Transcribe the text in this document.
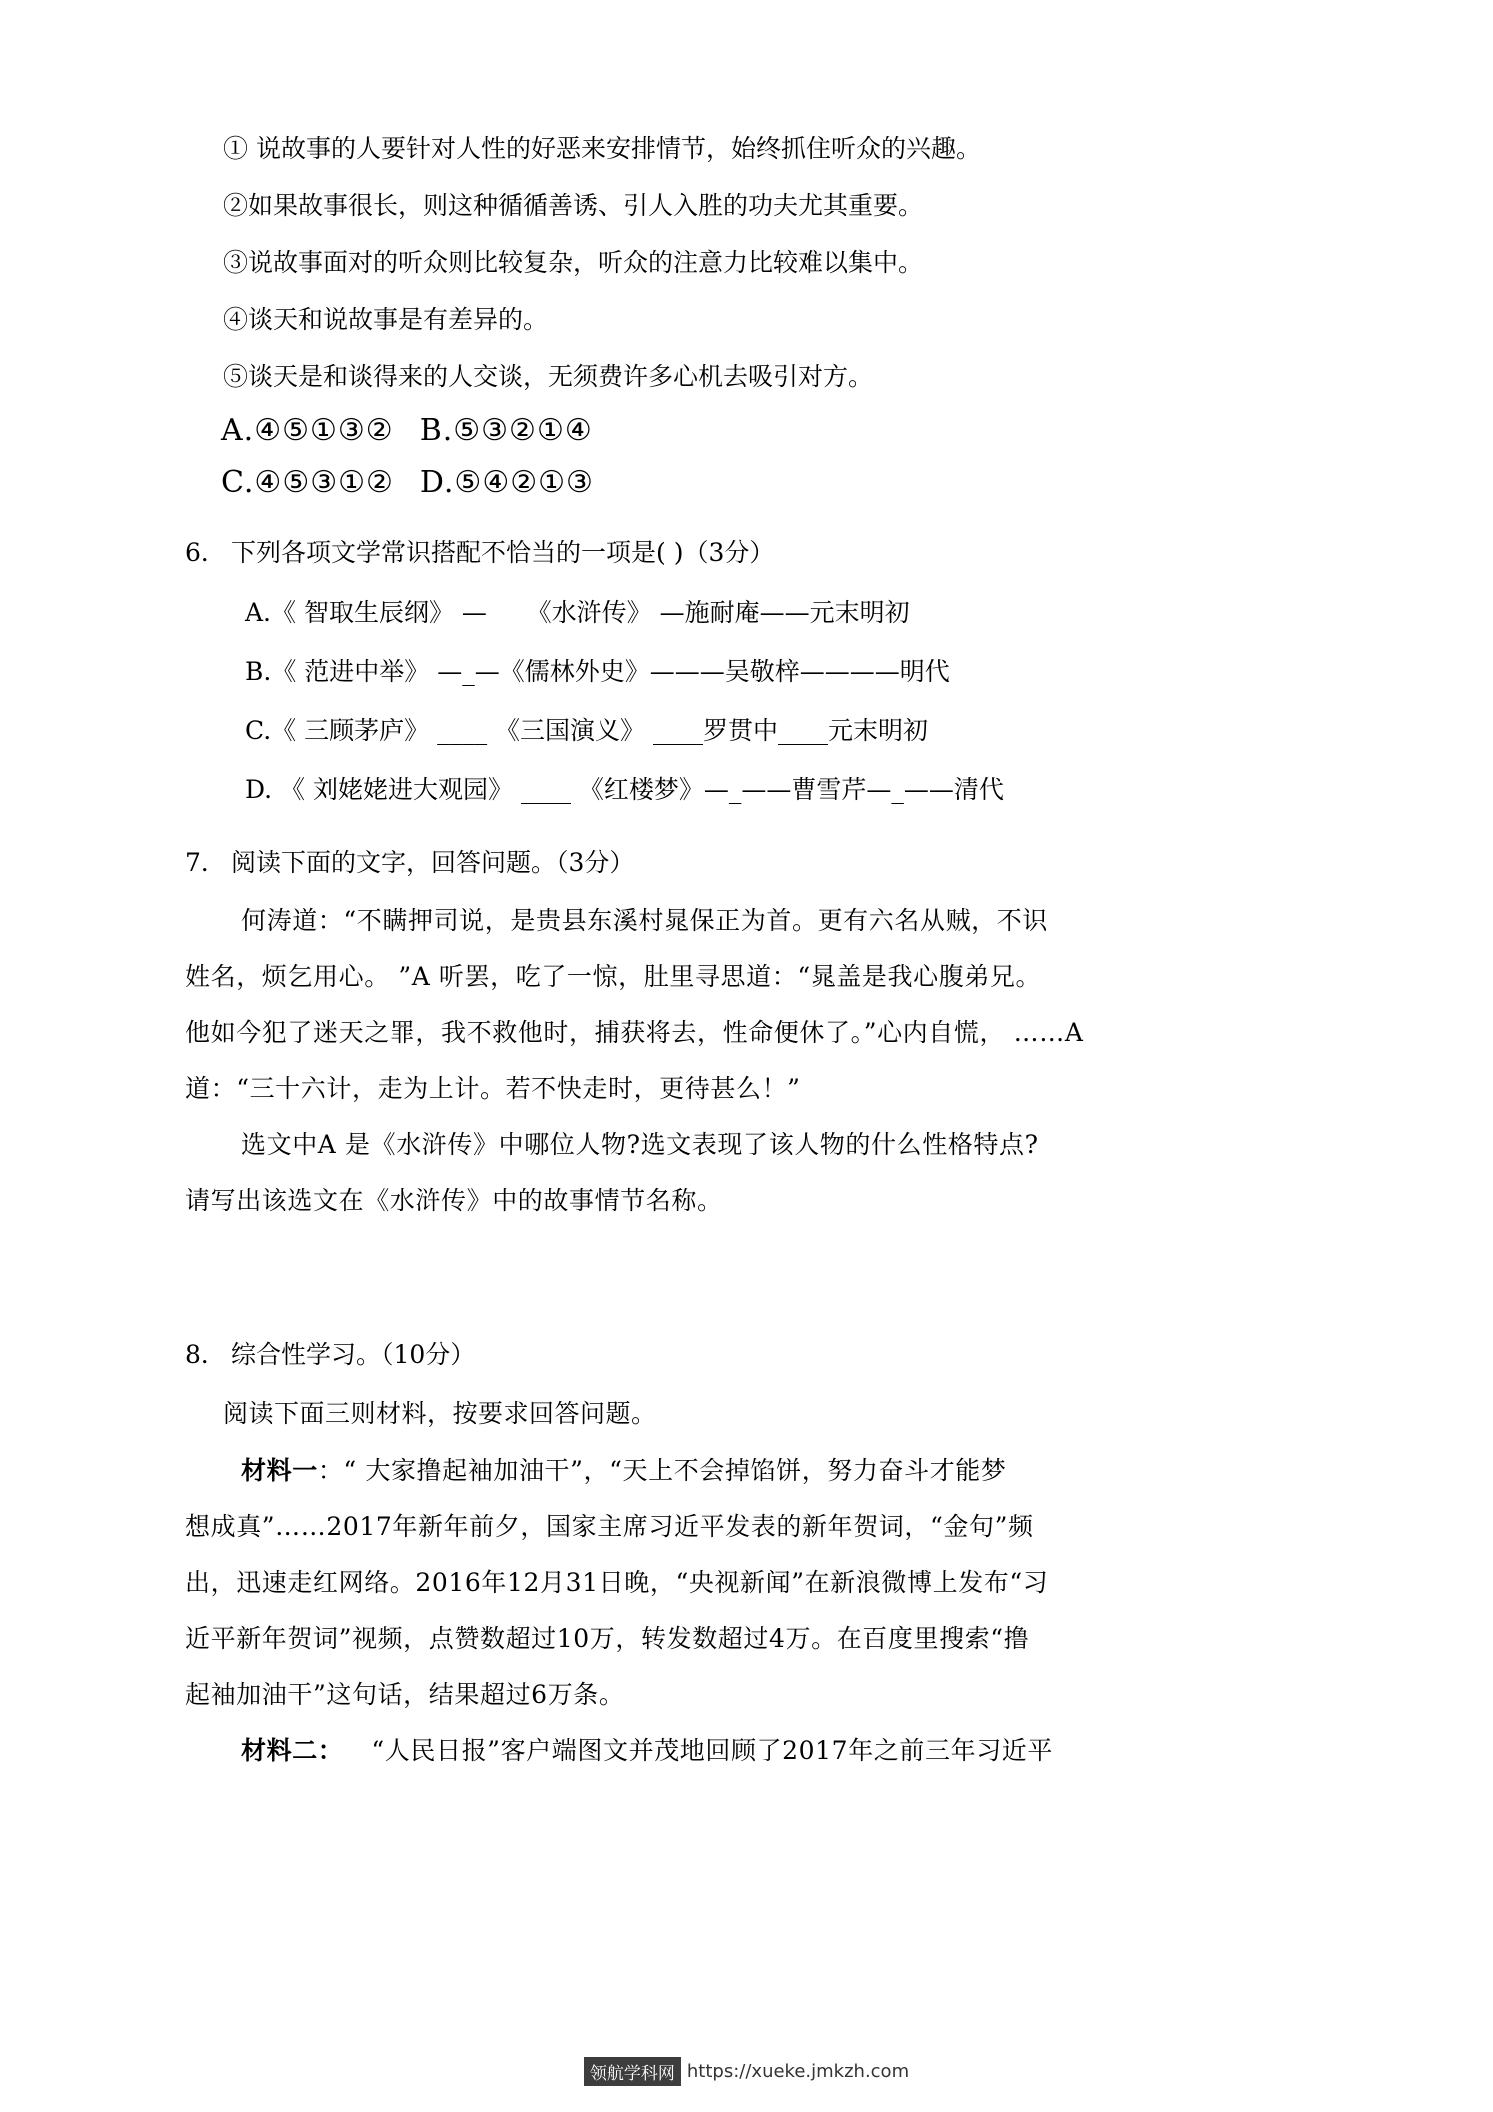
① 说故事的人要针对人性的好恶来安排情节，始终抓住听众的兴趣。
②如果故事很长，则这种循循善诱、引人入胜的功夫尤其重要。
③说故事面对的听众则比较复杂，听众的注意力比较难以集中。
④谈天和说故事是有差异的。
⑤谈天是和谈得来的人交谈，无须费许多心机去吸引对方。
A.④⑤①③② B.⑤③②①④
C.④⑤③①② D.⑤④②①③
6． 下列各项文学常识搭配不恰当的一项是( )（3分）
A.《 智取生辰纲》 —     《水浒传》 —施耐庵——元末明初
B.《 范进中举》 —_—《儒林外史》———吴敬梓————明代
C.《 三顾茅庐》 ____ 《三国演义》 ____罗贯中____元末明初
D. 《 刘姥姥进大观园》 ____ 《红楼梦》—_——曹雪芹—_——清代
7． 阅读下面的文字，回答问题。（3分）
何涛道：“不瞒押司说，是贵县东溪村晁保正为首。更有六名从贼，不识
姓名，烦乞用心。 ”A 听罢，吃了一惊，肚里寻思道：“晁盖是我心腹弟兄。
他如今犯了迷天之罪，我不救他时，捕获将去，性命便休了。”心内自慌， ……A
道：“三十六计，走为上计。若不快走时，更待甚么！”
选文中A 是《水浒传》中哪位人物?选文表现了该人物的什么性格特点?
请写出该选文在《水浒传》中的故事情节名称。
8． 综合性学习。（10分）
阅读下面三则材料，按要求回答问题。
材料一：“ 大家撸起袖加油干”，“天上不会掉馅饼，努力奋斗才能梦
想成真”……2017年新年前夕，国家主席习近平发表的新年贺词，“金句”频
出，迅速走红网络。2016年12月31日晚，“央视新闻”在新浪微博上发布“习
近平新年贺词”视频，点赞数超过10万，转发数超过4万。在百度里搜索“撸
起袖加油干”这句话，结果超过6万条。
材料二： “人民日报”客户端图文并茂地回顾了2017年之前三年习近平
领航学科网 https://xueke.jmkzh.com
